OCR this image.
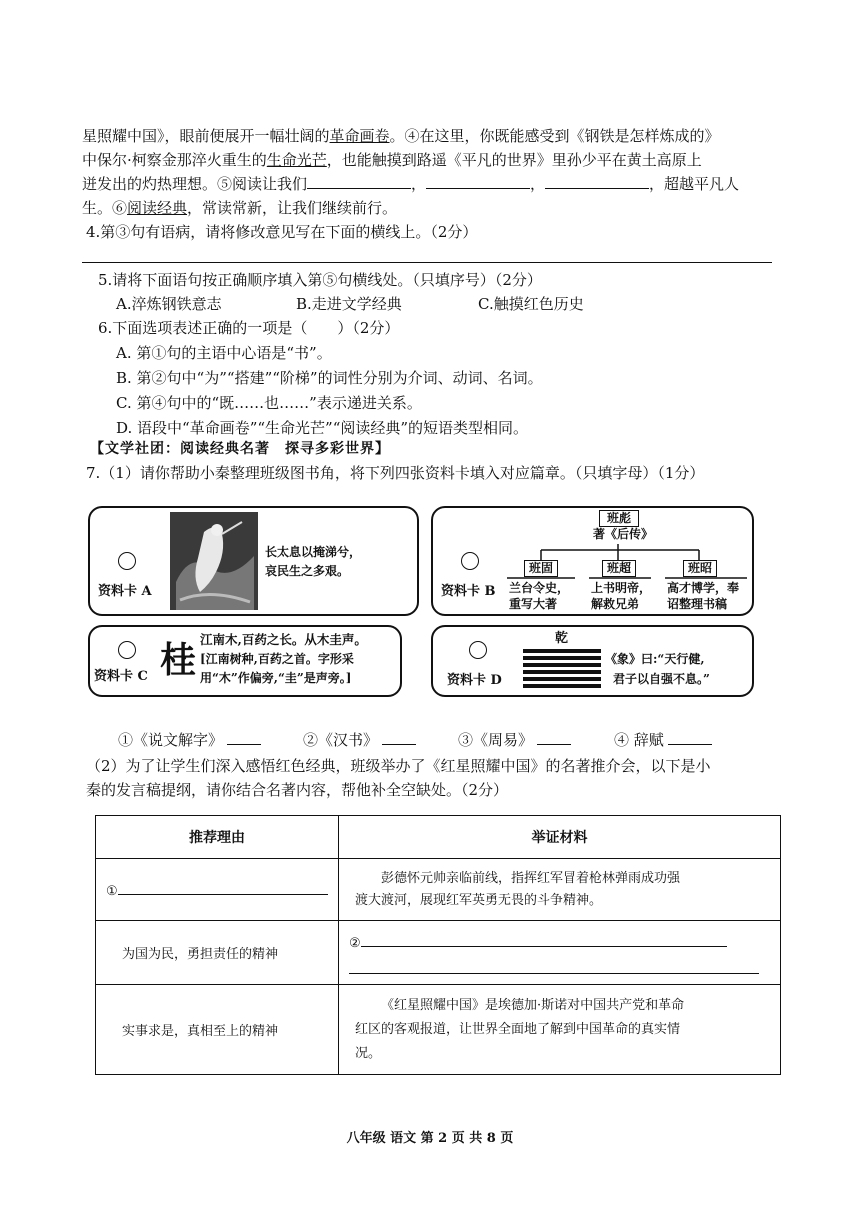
星照耀中国》，眼前便展开一幅壮阔的革命画卷。④在这里，你既能感受到《钢铁是怎样炼成的》
中保尔·柯察金那淬火重生的生命光芒，也能触摸到路遥《平凡的世界》里孙少平在黄土高原上
迸发出的灼热理想。⑤阅读让我们	，	，	，超越平凡人
生。⑥阅读经典，常读常新，让我们继续前行。
4.第③句有语病，请将修改意见写在下面的横线上。（2分）
5.请将下面语句按正确顺序填入第⑤句横线处。（只填序号）（2分）
A.淬炼钢铁意志	B.走进文学经典	C.触摸红色历史
6.下面选项表述正确的一项是（　　）（2分）
A. 第①句的主语中心语是“书”。
B. 第②句中“为”“搭建”“阶梯”的词性分别为介词、动词、名词。
C. 第④句中的“既……也……”表示递进关系。
D. 语段中“革命画卷”“生命光芒”“阅读经典”的短语类型相同。
【文学社团：阅读经典名著　探寻多彩世界】
7.（1）请你帮助小秦整理班级图书角，将下列四张资料卡填入对应篇章。（只填字母）（1分）
资料卡 A
长太息以掩涕兮，
哀民生之多艰。
资料卡 B
班彪
著《后传》
班固	班超	班昭
兰台令史，
重写大著
上书明帝，
解救兄弟
高才博学，奉
诏整理书稿
资料卡 C 桂 江南木,百药之长。从木圭声。
[江南树种,百药之首。字形采
用“木”作偏旁,“圭”是声旁。]	资料卡 D
乾
《象》曰:“天行健,
君子以自强不息。”
①《说文解字》	②《汉书》	③《周易》	④ 辞赋
（2）为了让学生们深入感悟红色经典，班级举办了《红星照耀中国》的名著推介会，以下是小
秦的发言稿提纲，请你结合名著内容，帮他补全空缺处。（2分）
推荐理由	举证材料
①	彭德怀元帅亲临前线，指挥红军冒着枪林弹雨成功强
渡大渡河，展现红军英勇无畏的斗争精神。

为国为民，勇担责任的精神	②

实事求是，真相至上的精神	《红星照耀中国》是埃德加·斯诺对中国共产党和革命
红区的客观报道，让世界全面地了解到中国革命的真实情
况。
八年级 语文 第 2 页 共 8 页
